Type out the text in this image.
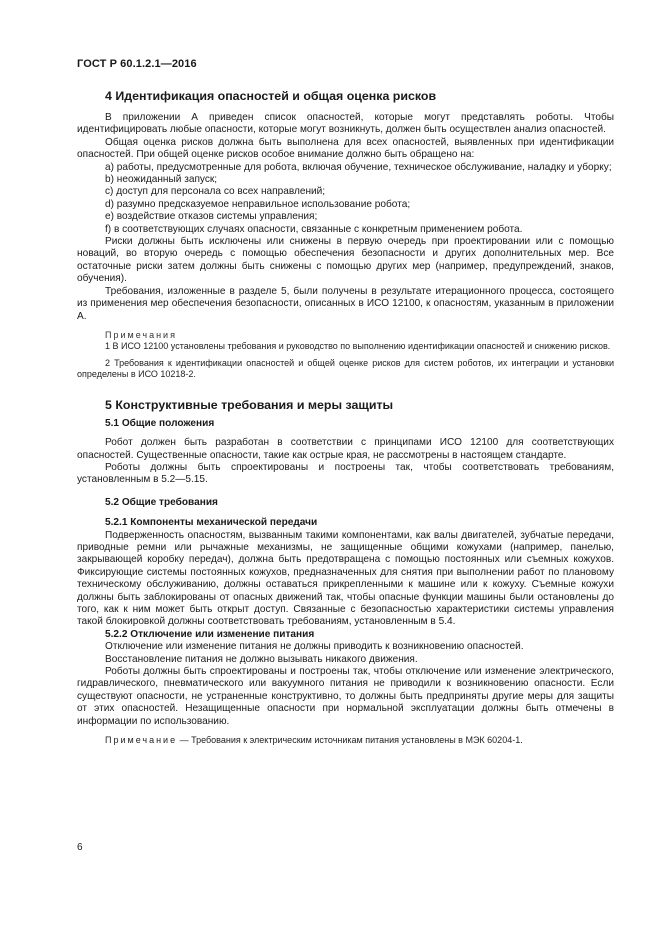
ГОСТ Р 60.1.2.1—2016
4 Идентификация опасностей и общая оценка рисков

В приложении А приведен список опасностей, которые могут представлять роботы. Чтобы идентифицировать любые опасности, которые могут возникнуть, должен быть осуществлен анализ опасностей.

Общая оценка рисков должна быть выполнена для всех опасностей, выявленных при идентификации опасностей. При общей оценке рисков особое внимание должно быть обращено на:

a) работы, предусмотренные для робота, включая обучение, техническое обслуживание, наладку и уборку;

b) неожиданный запуск;

c) доступ для персонала со всех направлений;

d) разумно предсказуемое неправильное использование робота;

e) воздействие отказов системы управления;

f) в соответствующих случаях опасности, связанные с конкретным применением робота.

Риски должны быть исключены или снижены в первую очередь при проектировании или с помощью новаций, во вторую очередь с помощью обеспечения безопасности и других дополнительных мер. Все остаточные риски затем должны быть снижены с помощью других мер (например, предупреждений, знаков, обучения).

Требования, изложенные в разделе 5, были получены в результате итерационного процесса, состоящего из применения мер обеспечения безопасности, описанных в ИСО 12100, к опасностям, указанным в приложении А.

Примечания

1 В ИСО 12100 установлены требования и руководство по выполнению идентификации опасностей и снижению рисков.

2 Требования к идентификации опасностей и общей оценке рисков для систем роботов, их интеграции и установки определены в ИСО 10218-2.

5 Конструктивные требования и меры защиты
5.1 Общие положения

Робот должен быть разработан в соответствии с принципами ИСО 12100 для соответствующих опасностей. Существенные опасности, такие как острые края, не рассмотрены в настоящем стандарте.

Роботы должны быть спроектированы и построены так, чтобы соответствовать требованиям, установленным в 5.2—5.15.

5.2 Общие требования
5.2.1 Компоненты механической передачи

Подверженность опасностям, вызванным такими компонентами, как валы двигателей, зубчатые передачи, приводные ремни или рычажные механизмы, не защищенные общими кожухами (например, панелью, закрывающей коробку передач), должна быть предотвращена с помощью постоянных или съемных кожухов. Фиксирующие системы постоянных кожухов, предназначенных для снятия при выполнении работ по плановому техническому обслуживанию, должны оставаться прикрепленными к машине или к кожуху. Съемные кожухи должны быть заблокированы от опасных движений так, чтобы опасные функции машины были остановлены до того, как к ним может быть открыт доступ. Связанные с безопасностью характеристики системы управления такой блокировкой должны соответствовать требованиям, установленным в 5.4.

5.2.2 Отключение или изменение питания

Отключение или изменение питания не должны приводить к возникновению опасностей.

Восстановление питания не должно вызывать никакого движения.

Роботы должны быть спроектированы и построены так, чтобы отключение или изменение электрического, гидравлического, пневматического или вакуумного питания не приводили к возникновению опасности. Если существуют опасности, не устраненные конструктивно, то должны быть предприняты другие меры для защиты от этих опасностей. Незащищенные опасности при нормальной эксплуатации должны быть отмечены в информации по использованию.

Примечание — Требования к электрическим источникам питания установлены в МЭК 60204-1.

6
